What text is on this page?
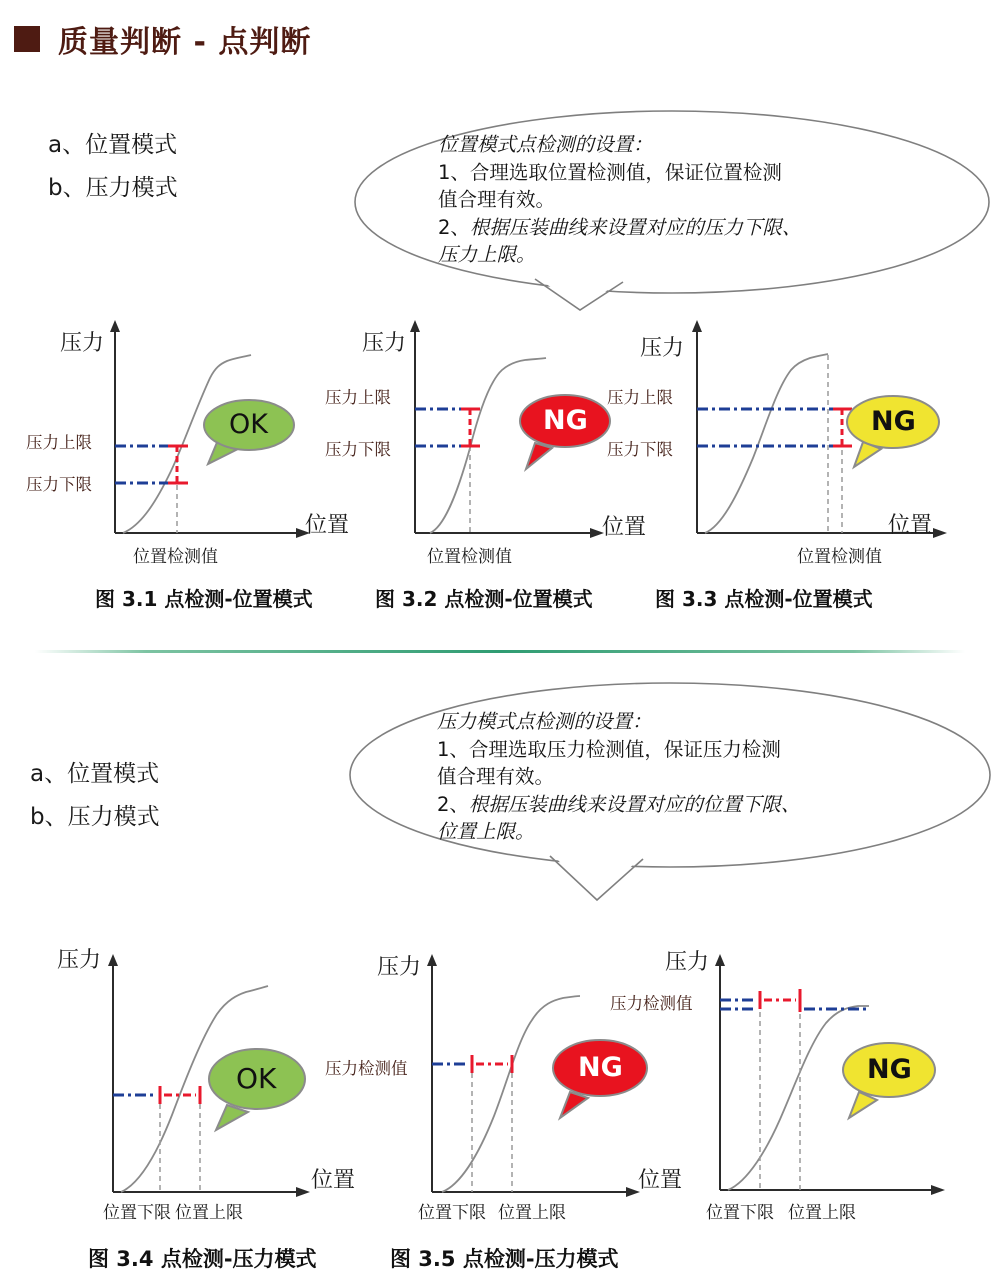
质量判断 - 点判断
a、位置模式
b、压力模式
位置模式点检测的设置：
1、合理选取位置检测值，保证位置检测
值合理有效。
2、根据压装曲线来设置对应的压力下限、
压力上限。
压力
位置
压力上限
压力下限
位置检测值
OK
压力
位置
压力上限
压力下限
位置检测值
NG
压力
位置
压力上限
压力下限
位置检测值
NG
图 3.1 点检测-位置模式	图 3.2 点检测-位置模式	图 3.3 点检测-位置模式
a、位置模式
b、压力模式
压力模式点检测的设置：
1、合理选取压力检测值，保证压力检测
值合理有效。
2、根据压装曲线来设置对应的位置下限、
位置上限。
压力
位置
位置下限 位置上限
OK
压力
位置
压力检测值
位置下限 位置上限
NG
压力
压力检测值
位置下限 位置上限
NG
图 3.4 点检测-压力模式	图 3.5 点检测-压力模式
